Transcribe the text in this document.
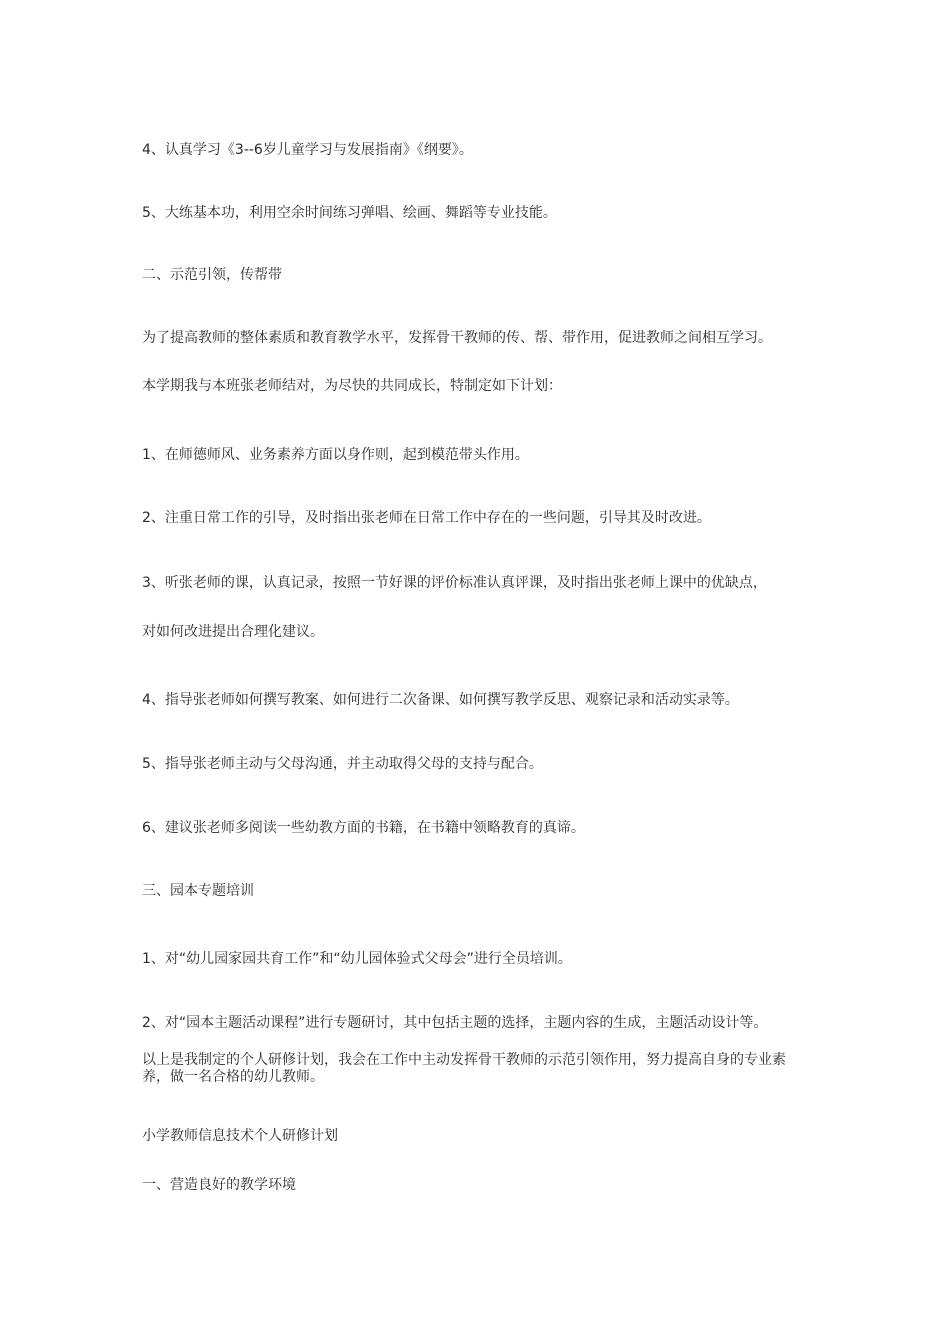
4、认真学习《3--6岁儿童学习与发展指南》《纲要》。
5、大练基本功，利用空余时间练习弹唱、绘画、舞蹈等专业技能。
二、示范引领，传帮带
为了提高教师的整体素质和教育教学水平，发挥骨干教师的传、帮、带作用，促进教师之间相互学习。
本学期我与本班张老师结对，为尽快的共同成长，特制定如下计划：
1、在师德师风、业务素养方面以身作则，起到模范带头作用。
2、注重日常工作的引导，及时指出张老师在日常工作中存在的一些问题，引导其及时改进。
3、听张老师的课，认真记录，按照一节好课的评价标准认真评课，及时指出张老师上课中的优缺点，
对如何改进提出合理化建议。
4、指导张老师如何撰写教案、如何进行二次备课、如何撰写教学反思、观察记录和活动实录等。
5、指导张老师主动与父母沟通，并主动取得父母的支持与配合。
6、建议张老师多阅读一些幼教方面的书籍，在书籍中领略教育的真谛。
三、园本专题培训
1、对“幼儿园家园共育工作”和“幼儿园体验式父母会”进行全员培训。
2、对“园本主题活动课程”进行专题研讨，其中包括主题的选择，主题内容的生成，主题活动设计等。
以上是我制定的个人研修计划，我会在工作中主动发挥骨干教师的示范引领作用，努力提高自身的专业素养，做一名合格的幼儿教师。
小学教师信息技术个人研修计划
一、营造良好的教学环境
